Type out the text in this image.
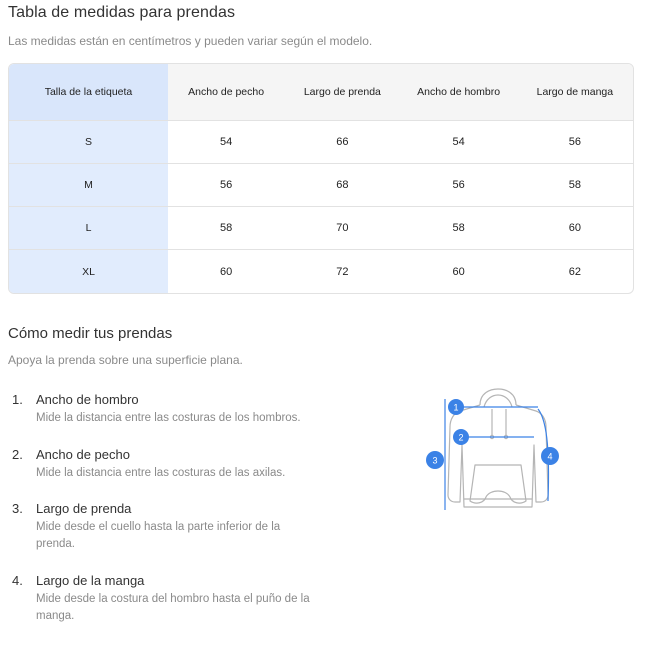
Tabla de medidas para prendas
Las medidas están en centímetros y pueden variar según el modelo.
Talla de la etiqueta	Ancho de pecho	Largo de prenda	Ancho de hombro	Largo de manga
S	54	66	54	56
M	56	68	56	58
L	58	70	58	60
XL	60	72	60	62
Cómo medir tus prendas
Apoya la prenda sobre una superficie plana.
1. Ancho de hombro
Mide la distancia entre las costuras de los hombros.
2. Ancho de pecho
Mide la distancia entre las costuras de las axilas.
3. Largo de prenda
Mide desde el cuello hasta la parte inferior de la prenda.
4. Largo de la manga
Mide desde la costura del hombro hasta el puño de la manga.
1
2
3	4
